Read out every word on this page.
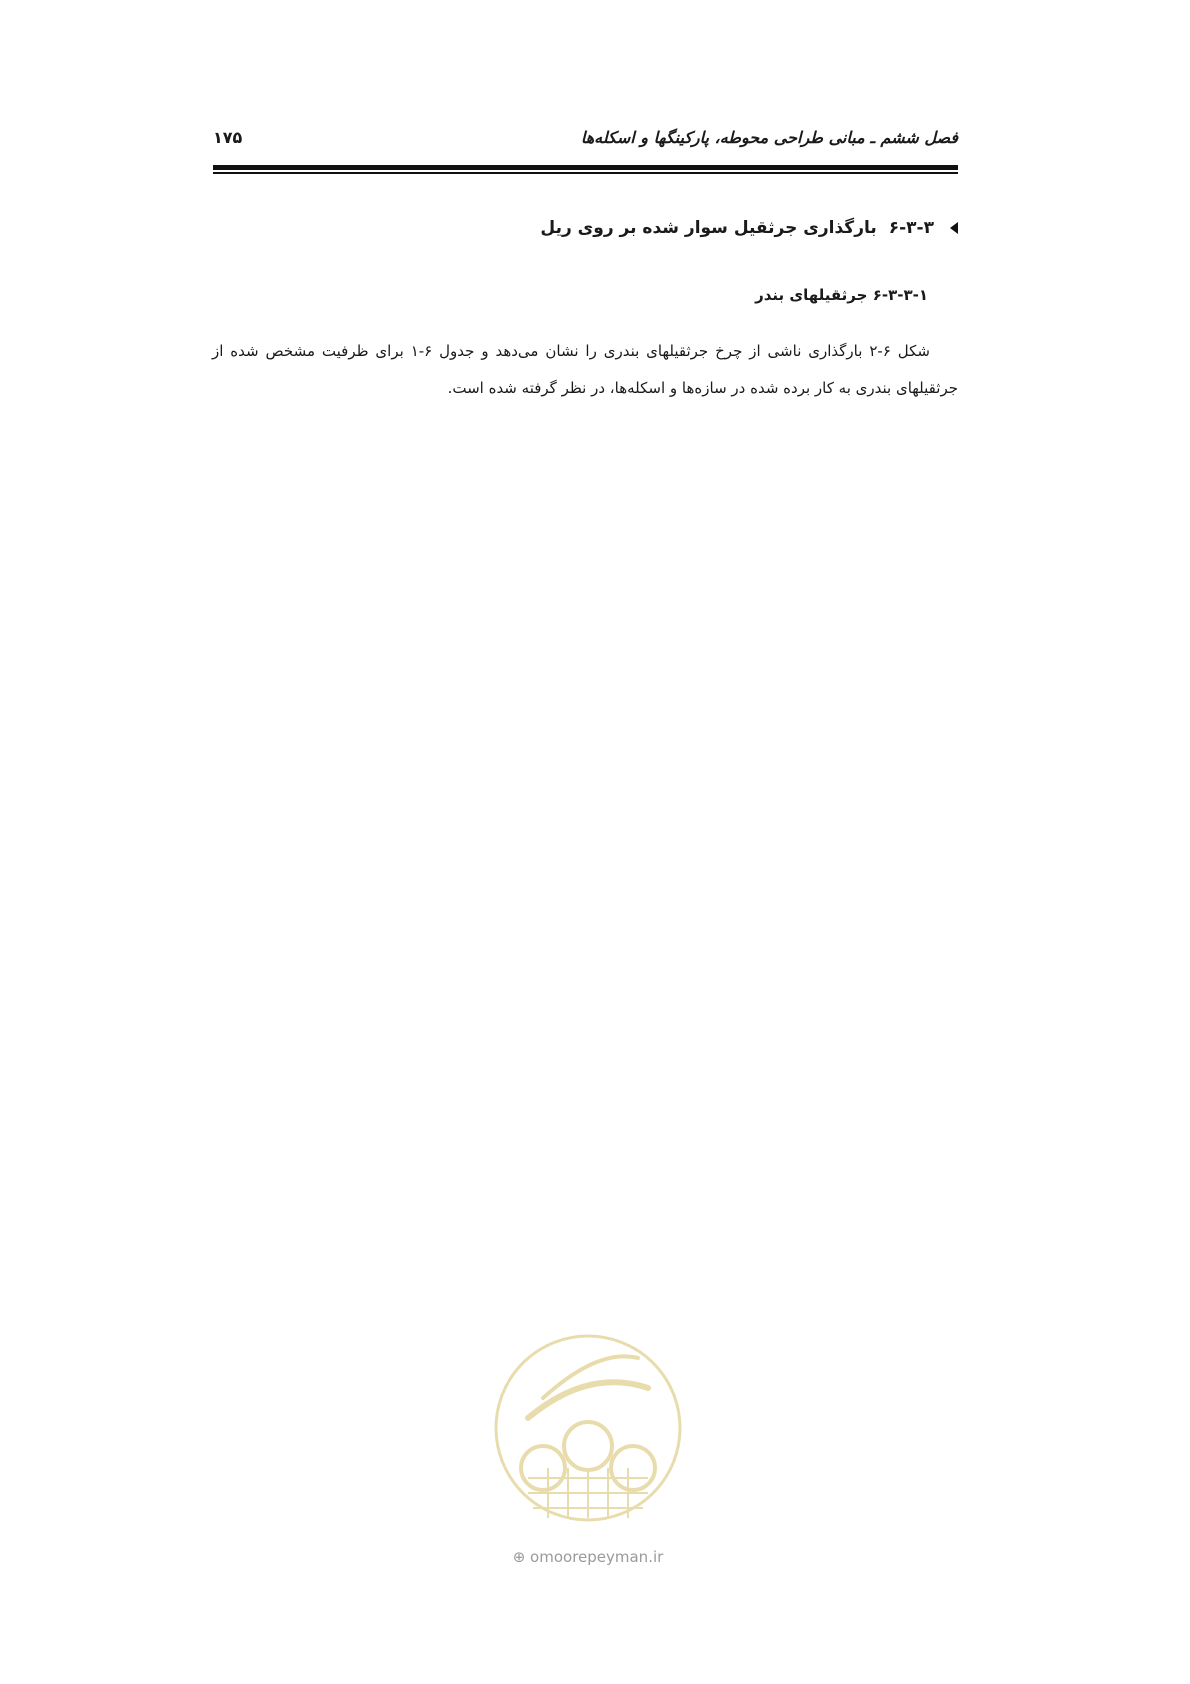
فصل ششم ـ مبانی طراحی محوطه، پارکینگها و اسکله‌ها
۱۷۵
۶-۳-۳
بارگذاری جرثقیل سوار شده بر روی ریل
۶-۳-۳-۱ جرثقیلهای بندر

شکل ۶-۲ بارگذاری ناشی از چرخ جرثقیلهای بندری را نشان می‌دهد و جدول ۶-۱ برای ظرفیت مشخص شده از جرثقیلهای بندری به کار برده شده در سازه‌ها و اسکله‌ها، در نظر گرفته شده است.

⊕ omoorepeyman.ir
